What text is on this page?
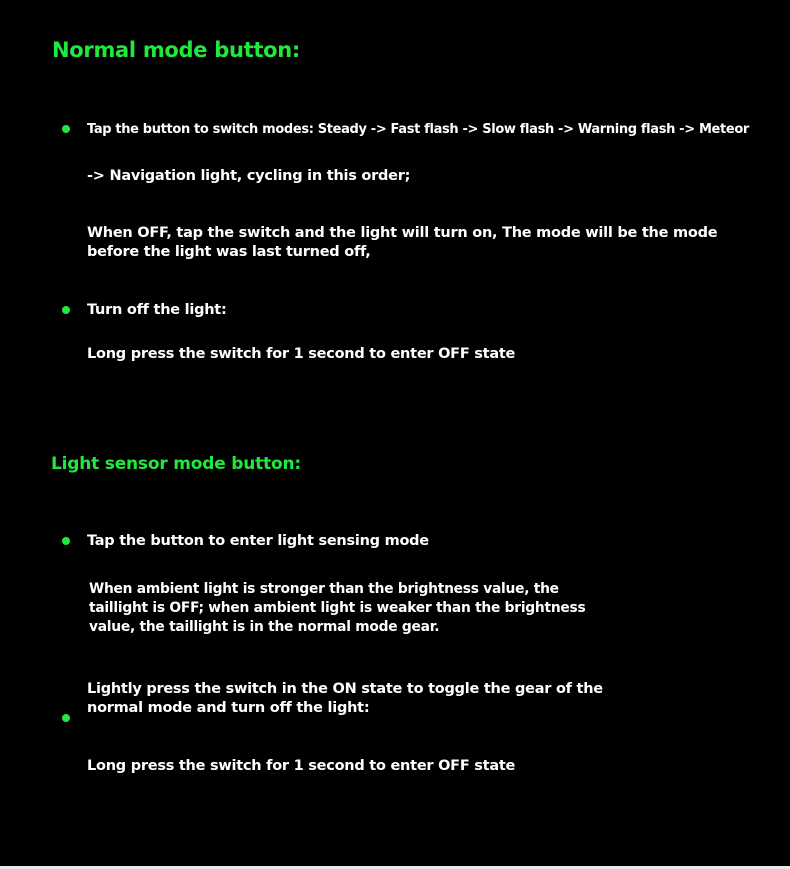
Normal mode button:

Tap the button to switch modes: Steady -> Fast flash -> Slow flash -> Warning flash -> Meteor

-> Navigation light, cycling in this order;

When OFF, tap the switch and the light will turn on, The mode will be the mode
before the light was last turned off,

Turn off the light:

Long press the switch for 1 second to enter OFF state

Light sensor mode button:

Tap the button to enter light sensing mode

When ambient light is stronger than the brightness value, the
taillight is OFF; when ambient light is weaker than the brightness
value, the taillight is in the normal mode gear.
Lightly press the switch in the ON state to toggle the gear of the
normal mode and turn off the light:

Long press the switch for 1 second to enter OFF state
